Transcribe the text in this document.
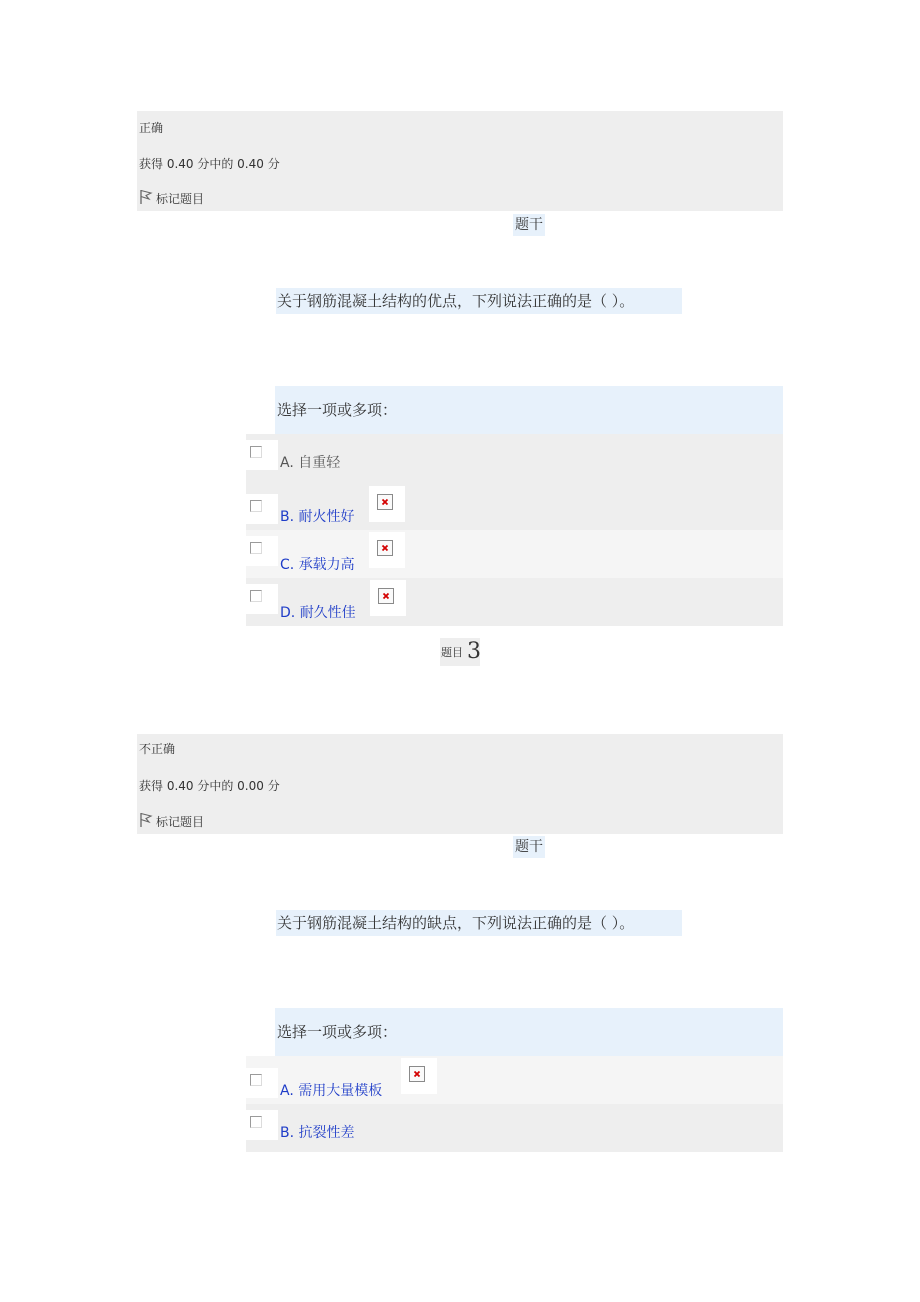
正确
获得 0.40 分中的 0.40 分
标记题目
题干
关于钢筋混凝土结构的优点，下列说法正确的是（ ）。
选择一项或多项：
A. 自重轻
B. 耐火性好
C. 承载力高
D. 耐久性佳
题目 3
不正确
获得 0.40 分中的 0.00 分
标记题目
题干
关于钢筋混凝土结构的缺点，下列说法正确的是（ ）。
选择一项或多项：
A. 需用大量模板
B. 抗裂性差
